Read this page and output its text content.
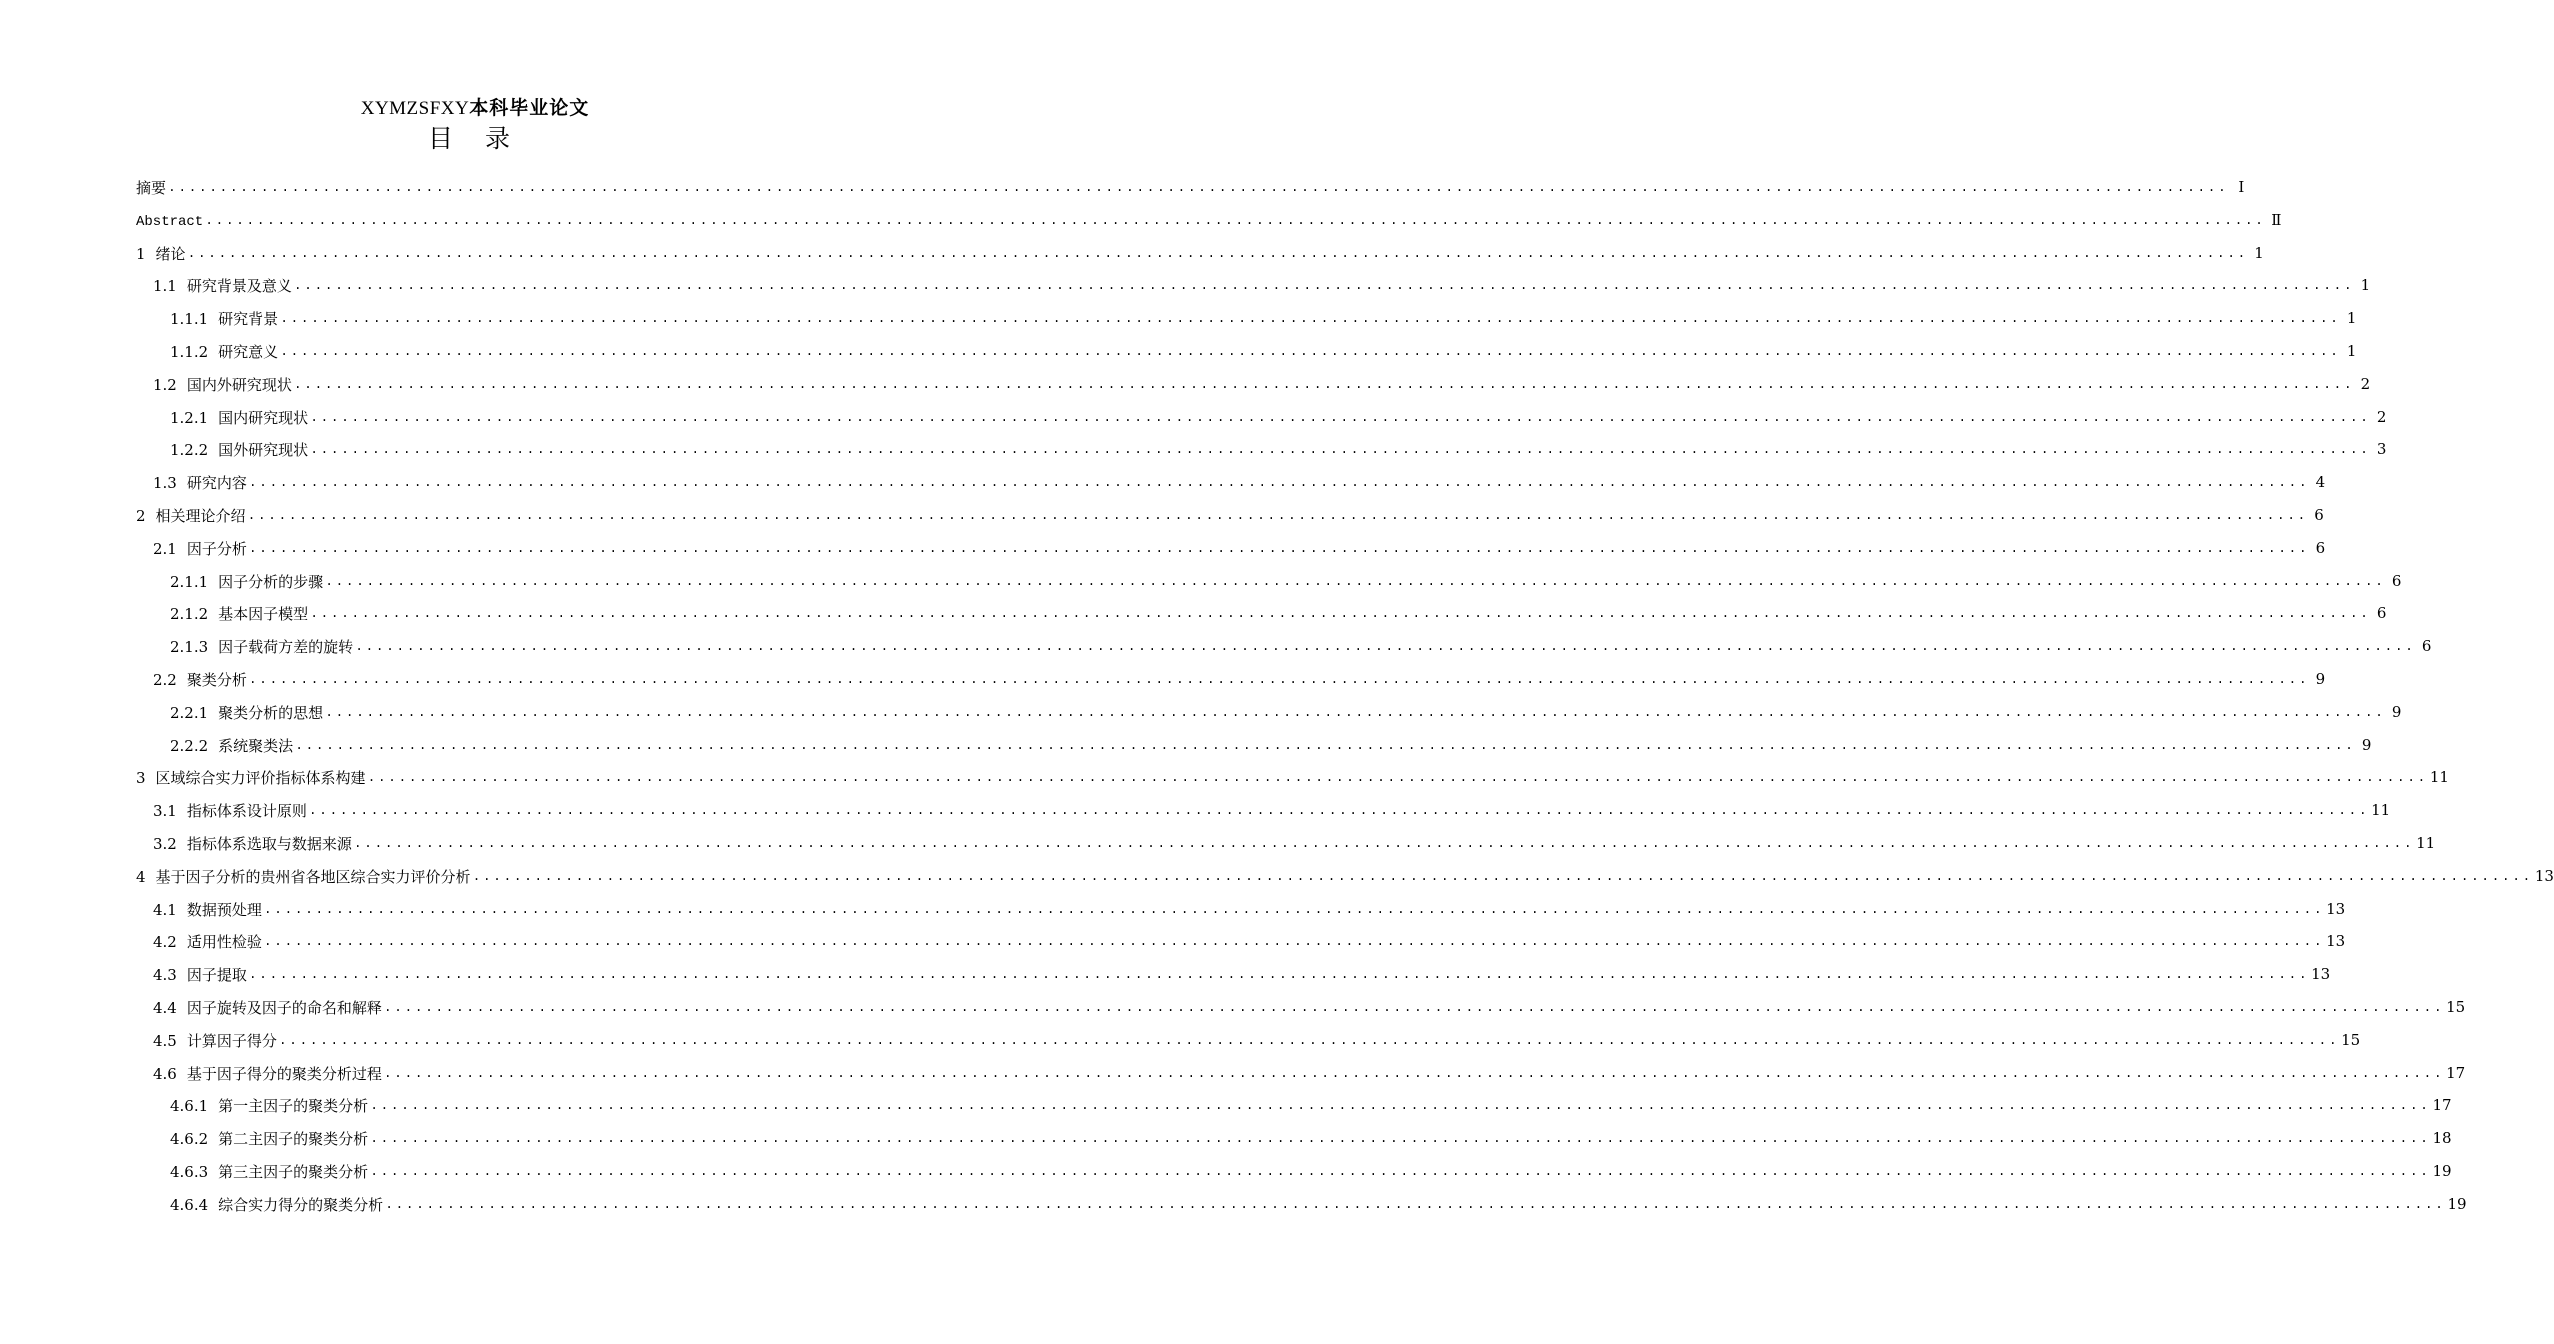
XYMZSFXY本科毕业论文
目 录
摘要 ........................................................................................................................................................................................................ Ⅰ
Abstract ........................................................................................................................................................................................................ Ⅱ
1 绪论 ........................................................................................................................................................................................................ 1
1.1 研究背景及意义 ........................................................................................................................................................................................................ 1
1.1.1 研究背景 ........................................................................................................................................................................................................ 1
1.1.2 研究意义 ........................................................................................................................................................................................................ 1
1.2 国内外研究现状 ........................................................................................................................................................................................................ 2
1.2.1 国内研究现状 ........................................................................................................................................................................................................ 2
1.2.2 国外研究现状 ........................................................................................................................................................................................................ 3
1.3 研究内容 ........................................................................................................................................................................................................ 4
2 相关理论介绍 ........................................................................................................................................................................................................ 6
2.1 因子分析 ........................................................................................................................................................................................................ 6
2.1.1 因子分析的步骤 ........................................................................................................................................................................................................ 6
2.1.2 基本因子模型 ........................................................................................................................................................................................................ 6
2.1.3 因子载荷方差的旋转 ........................................................................................................................................................................................................ 6
2.2 聚类分析 ........................................................................................................................................................................................................ 9
2.2.1 聚类分析的思想 ........................................................................................................................................................................................................ 9
2.2.2 系统聚类法 ........................................................................................................................................................................................................ 9
3 区域综合实力评价指标体系构建 ........................................................................................................................................................................................................ 11
3.1 指标体系设计原则 ........................................................................................................................................................................................................ 11
3.2 指标体系选取与数据来源 ........................................................................................................................................................................................................ 11
4 基于因子分析的贵州省各地区综合实力评价分析 ........................................................................................................................................................................................................ 13
4.1 数据预处理 ........................................................................................................................................................................................................ 13
4.2 适用性检验 ........................................................................................................................................................................................................ 13
4.3 因子提取 ........................................................................................................................................................................................................ 13
4.4 因子旋转及因子的命名和解释 ........................................................................................................................................................................................................ 15
4.5 计算因子得分 ........................................................................................................................................................................................................ 15
4.6 基于因子得分的聚类分析过程 ........................................................................................................................................................................................................ 17
4.6.1 第一主因子的聚类分析 ........................................................................................................................................................................................................ 17
4.6.2 第二主因子的聚类分析 ........................................................................................................................................................................................................ 18
4.6.3 第三主因子的聚类分析 ........................................................................................................................................................................................................ 19
4.6.4 综合实力得分的聚类分析 ........................................................................................................................................................................................................ 19
